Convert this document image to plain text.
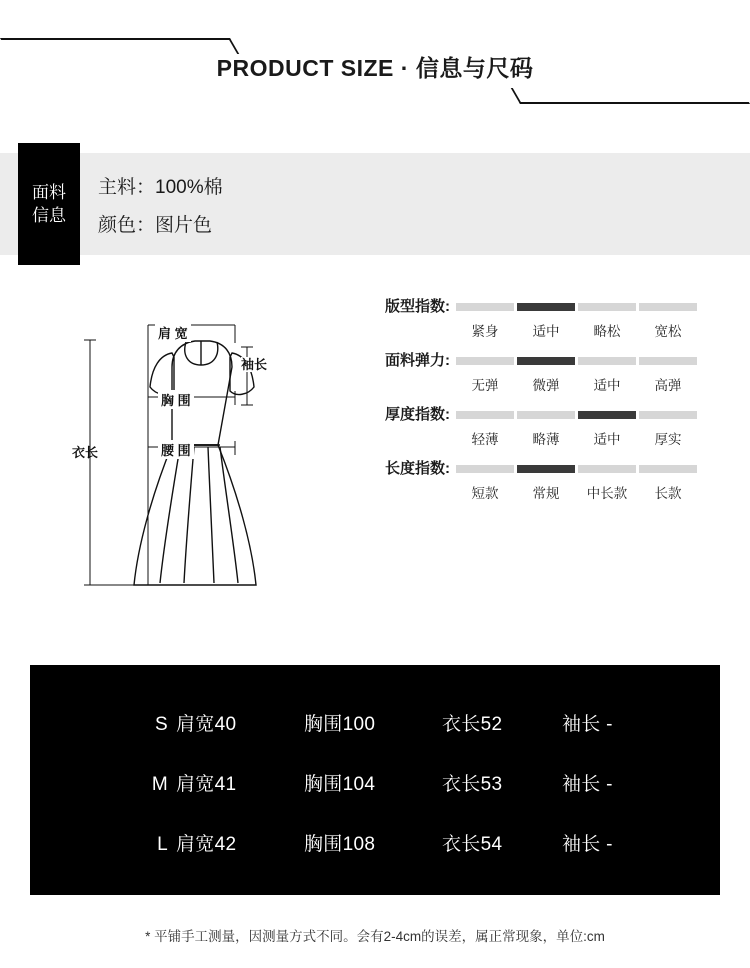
PRODUCT SIZE · 信息与尺码
面料
信息
主料：100%棉
颜色：图片色
肩 宽
胸 围
腰 围
袖长
衣长
版型指数:
紧身	适中	略松	宽松
面料弹力:
无弹	微弹	适中	高弹
厚度指数:
轻薄	略薄	适中	厚实
长度指数:
短款	常规	中长款	长款
S 肩宽40	胸围100	衣长52	袖长 -
M 肩宽41	胸围104	衣长53	袖长 -
L 肩宽42	胸围108	衣长54	袖长 -
* 平铺手工测量，因测量方式不同。会有2-4cm的误差，属正常现象，单位:cm
